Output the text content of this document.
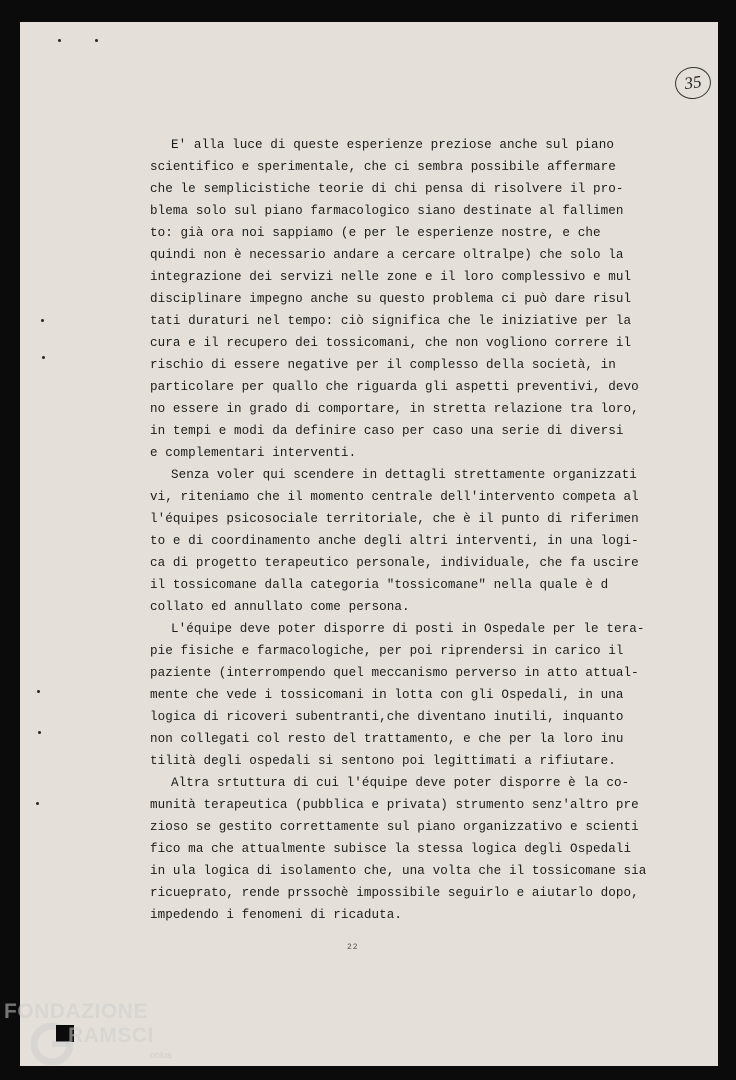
35
22
E' alla luce di queste esperienze preziose anche sul piano
scientifico e sperimentale, che ci sembra possibile affermare
che le semplicistiche teorie di chi pensa di risolvere il pro-
blema solo sul piano farmacologico siano destinate al fallimen
to: già ora noi sappiamo (e per le esperienze nostre, e che
quindi non è necessario andare a cercare oltralpe) che solo la
integrazione dei servizi nelle zone e il loro complessivo e mul
disciplinare impegno anche su questo problema ci può dare risul
tati duraturi nel tempo: ciò significa che le iniziative per la
cura e il recupero dei tossicomani, che non vogliono correre il
rischio di essere negative per il complesso della società, in
particolare per quallo che riguarda gli aspetti preventivi, devo
no essere in grado di comportare, in stretta relazione tra loro,
in tempi e modi da definire caso per caso una serie di diversi
e complementari interventi.
Senza voler qui scendere in dettagli strettamente organizzati
vi, riteniamo che il momento centrale dell'intervento competa al
l'équipes psicosociale territoriale, che è il punto di riferimen
to e di coordinamento anche degli altri interventi, in una logi-
ca di progetto terapeutico personale, individuale, che fa uscire
il tossicomane dalla categoria "tossicomane" nella quale è d
collato ed annullato come persona.
L'équipe deve poter disporre di posti in Ospedale per le tera-
pie fisiche e farmacologiche, per poi riprendersi in carico il
paziente (interrompendo quel meccanismo perverso in atto attual-
mente che vede i tossicomani in lotta con gli Ospedali, in una
logica di ricoveri subentranti,che diventano inutili, inquanto
non collegati col resto del trattamento, e che per la loro inu
tilità degli ospedali si sentono poi legittimati a rifiutare.
Altra srtuttura di cui l'équipe deve poter disporre è la co-
munità terapeutica (pubblica e privata) strumento senz'altro pre
zioso se gestito correttamente sul piano organizzativo e scienti
fico ma che attualmente subisce la stessa logica degli Ospedali
in ula logica di isolamento che, una volta che il tossicomane sia
ricueprato, rende prssochè impossibile seguirlo e aiutarlo dopo,
impedendo i fenomeni di ricaduta.
FONDAZIONE
RAMSCI
onlus
